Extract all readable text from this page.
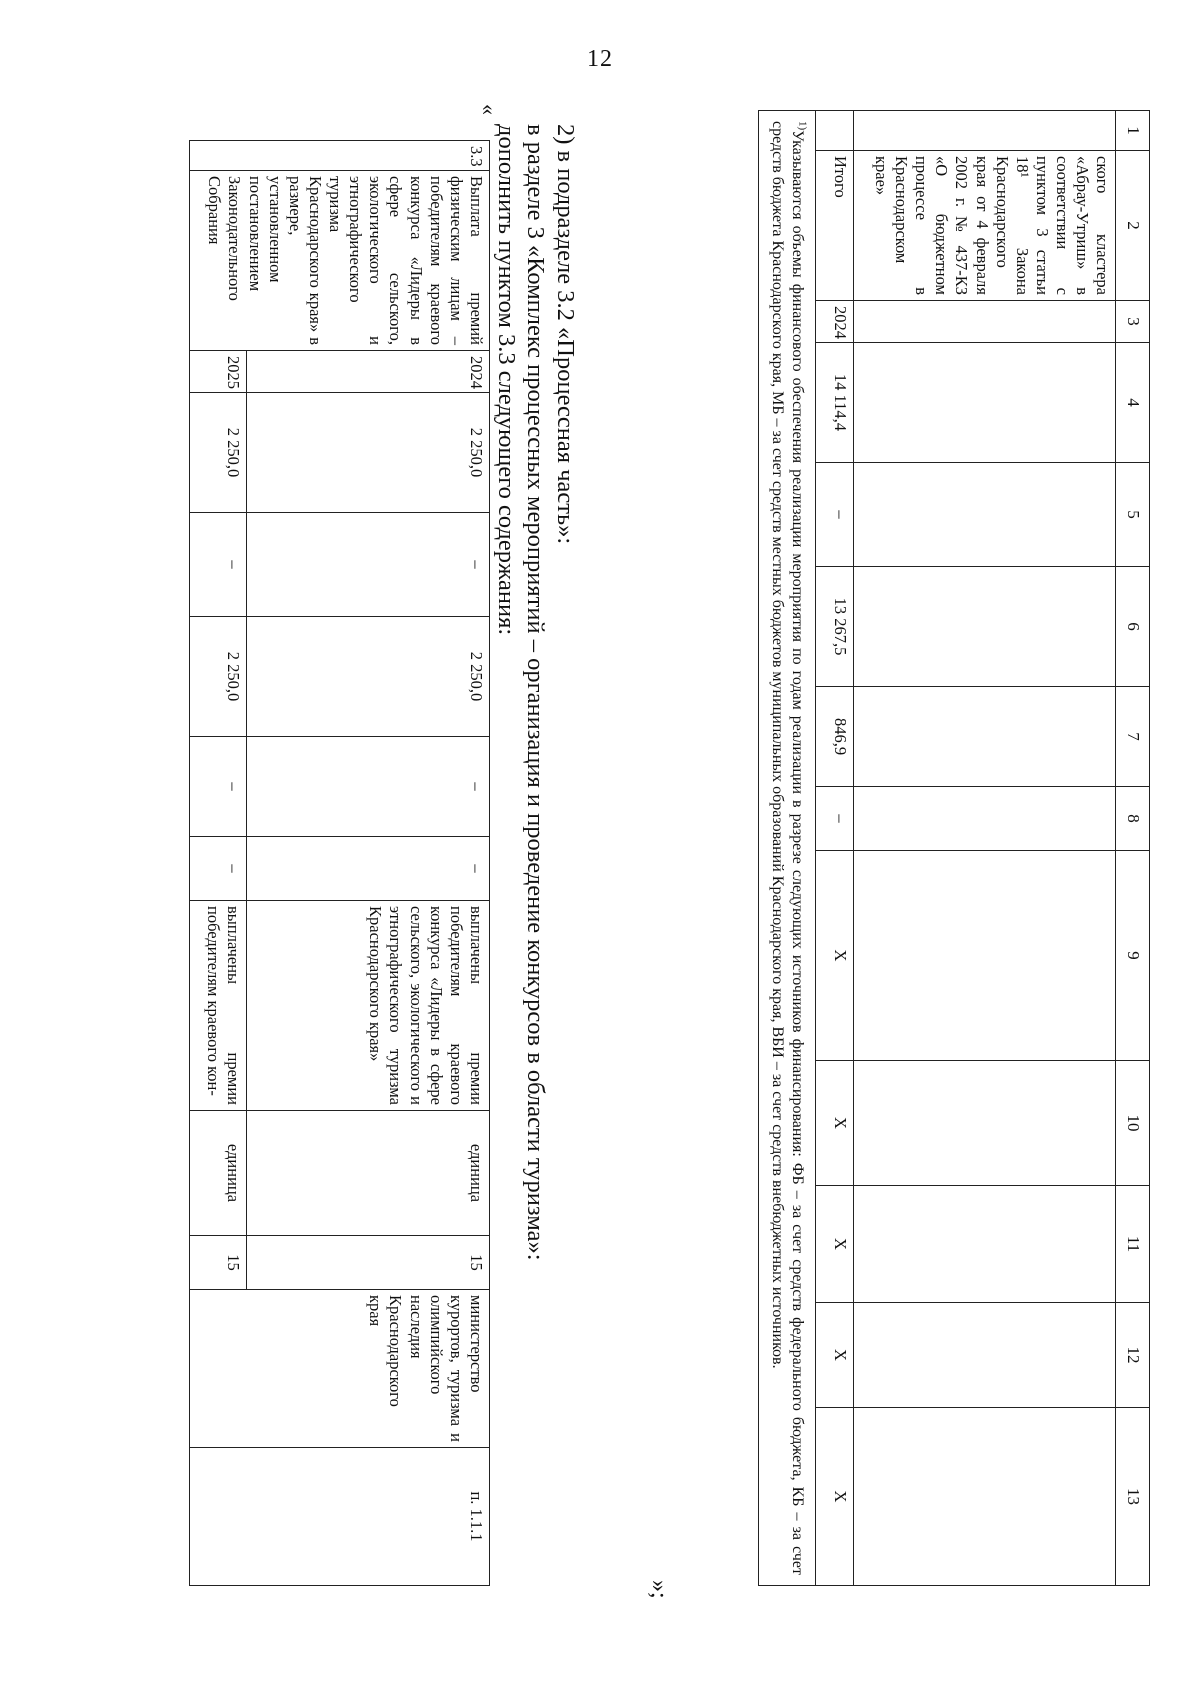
12
1	2	3	4	5	6	7	8	9	10	11	12	13
	ского кластера «Абрау-Утриш» в соответствии с пунктом 3 статьи 18¹ Закона Краснодарского края от 4 февраля 2002 г. № 437-КЗ «О бюджетном процессе в Краснодарском крае»											
	Итого	2024	14 114,4	–	13 267,5	846,9	–	Х	Х	Х	Х	Х
$^{1)}$Указываются объемы финансового обеспечения реализации мероприятия по годам реализации в разрезе следующих источников финансирования: ФБ – за счет средств федерального бюджета, КБ – за счет средств бюджета Краснодарского края, МБ – за счет средств местных бюджетов муниципальных образований Краснодарского края, ВБИ – за счет средств внебюджетных источников.												
»;
2) в подразделе 3.2 «Процессная часть»:
в разделе 3 «Комплекс процессных мероприятий – организация и проведение конкурсов в области туризма»:
дополнить пунктом 3.3 следующего содержания:
«
3.3	Выплата премий физическим лицам – победителям краевого конкурса «Лидеры в сфере сельского, экологического и этнографического туризма Краснодарского края» в размере, установленном постановлением Законодательного Собрания	2024	2 250,0	–	2 250,0	–	–	выплачены премии победителям краевого конкурса «Лидеры в сфере сельского, экологического и этнографического туризма Краснодарского края»	единица	15	министерство курортов, туризма и олимпийского наследия Краснодарского края	п. 1.1.1
		2025	2 250,0	–	2 250,0	–	–	выплачены премии победителям краевого кон-	единица	15		
